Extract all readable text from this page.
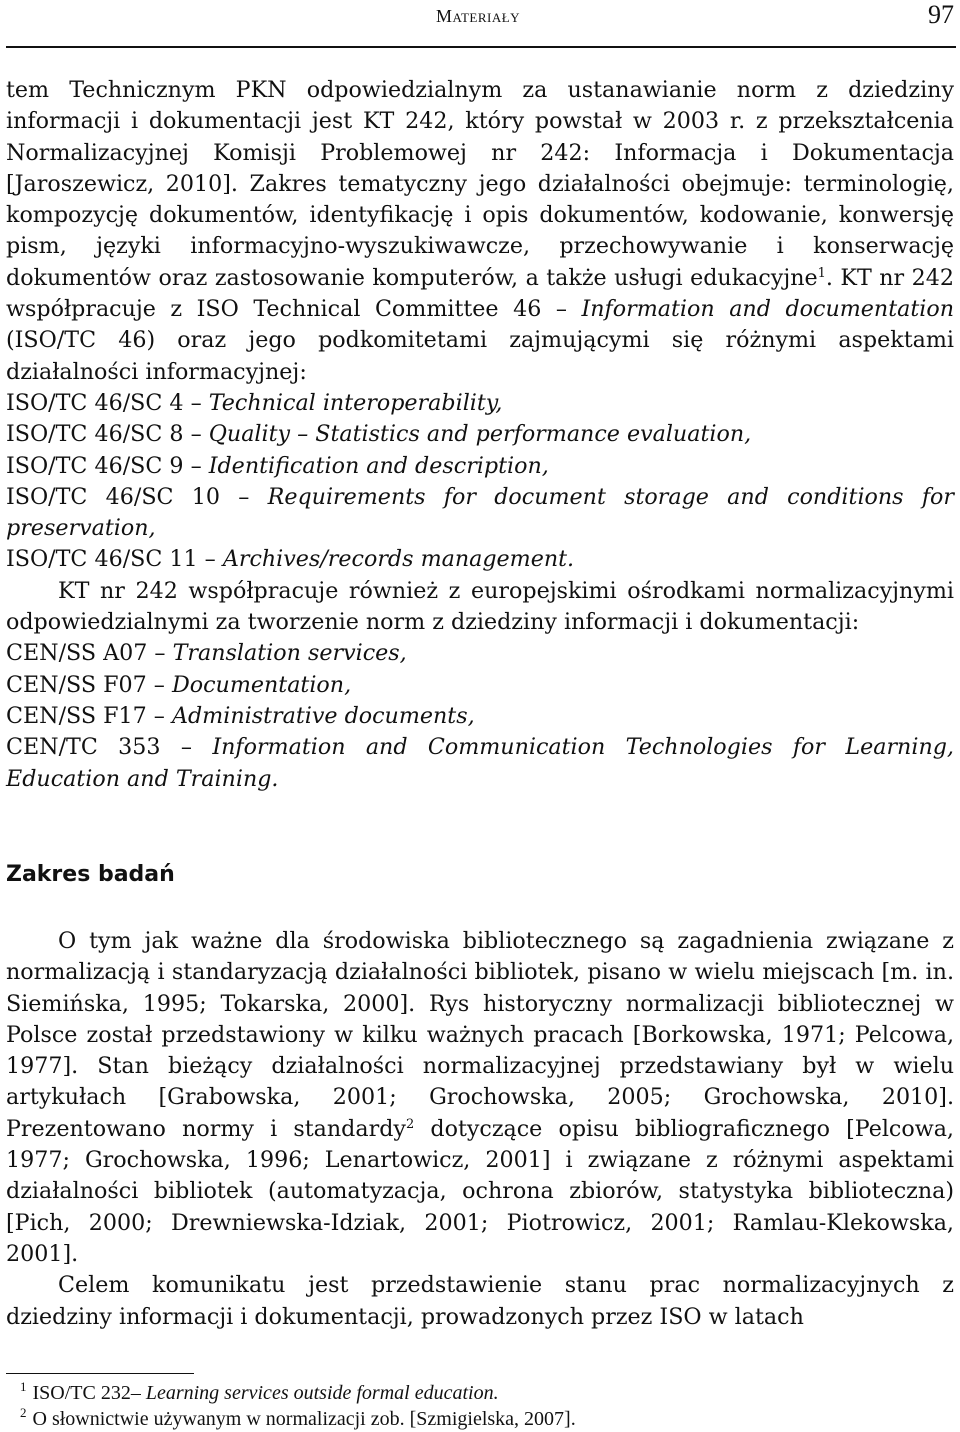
Materiały	97

tem Technicznym PKN odpowiedzialnym za ustanawianie norm z dziedziny informacji i dokumentacji jest KT 242, który powstał w 2003 r. z przekształcenia Normalizacyjnej Komisji Problemowej nr 242: Informacja i Dokumentacja [Jaroszewicz, 2010]. Zakres tematyczny jego działalności obejmuje: terminologię, kompozycję dokumentów, identyfikację i opis dokumentów, kodowanie, konwersję pism, języki informacyjno-wyszukiwawcze, przechowywanie i konserwację dokumentów oraz zastosowanie komputerów, a także usługi edukacyjne$^1$. KT nr 242 współpracuje z ISO Technical Committee 46 – Information and documentation (ISO/TC 46) oraz jego podkomitetami zajmującymi się różnymi aspektami działalności informacyjnej:

ISO/TC 46/SC 4 – Technical interoperability,

ISO/TC 46/SC 8 – Quality – Statistics and performance evaluation,

ISO/TC 46/SC 9 – Identification and description,

ISO/TC 46/SC 10 – Requirements for document storage and conditions for preservation,

ISO/TC 46/SC 11 – Archives/records management.

KT nr 242 współpracuje również z europejskimi ośrodkami normalizacyjnymi odpowiedzialnymi za tworzenie norm z dziedziny informacji i dokumentacji:

CEN/SS A07 – Translation services,

CEN/SS F07 – Documentation,

CEN/SS F17 – Administrative documents,

CEN/TC 353 – Information and Communication Technologies for Learning, Education and Training.

Zakres badań

O tym jak ważne dla środowiska bibliotecznego są zagadnienia związane z normalizacją i standaryzacją działalności bibliotek, pisano w wielu miejscach [m. in. Siemińska, 1995; Tokarska, 2000]. Rys historyczny normalizacji bibliotecznej w Polsce został przedstawiony w kilku ważnych pracach [Borkowska, 1971; Pelcowa, 1977]. Stan bieżący działalności normalizacyjnej przedstawiany był w wielu artykułach [Grabowska, 2001; Grochowska, 2005; Grochowska, 2010]. Prezentowano normy i standardy$^2$ dotyczące opisu bibliograficznego [Pelcowa, 1977; Grochowska, 1996; Lenartowicz, 2001] i związane z różnymi aspektami działalności bibliotek (automatyzacja, ochrona zbiorów, statystyka biblioteczna) [Pich, 2000; Drewniewska-Idziak, 2001; Piotrowicz, 2001; Ramlau-Klekowska, 2001].

Celem komunikatu jest przedstawienie stanu prac normalizacyjnych z dziedziny informacji i dokumentacji, prowadzonych przez ISO w latach

$^1$ ISO/TC 232– Learning services outside formal education.

$^2$ O słownictwie używanym w normalizacji zob. [Szmigielska, 2007].
